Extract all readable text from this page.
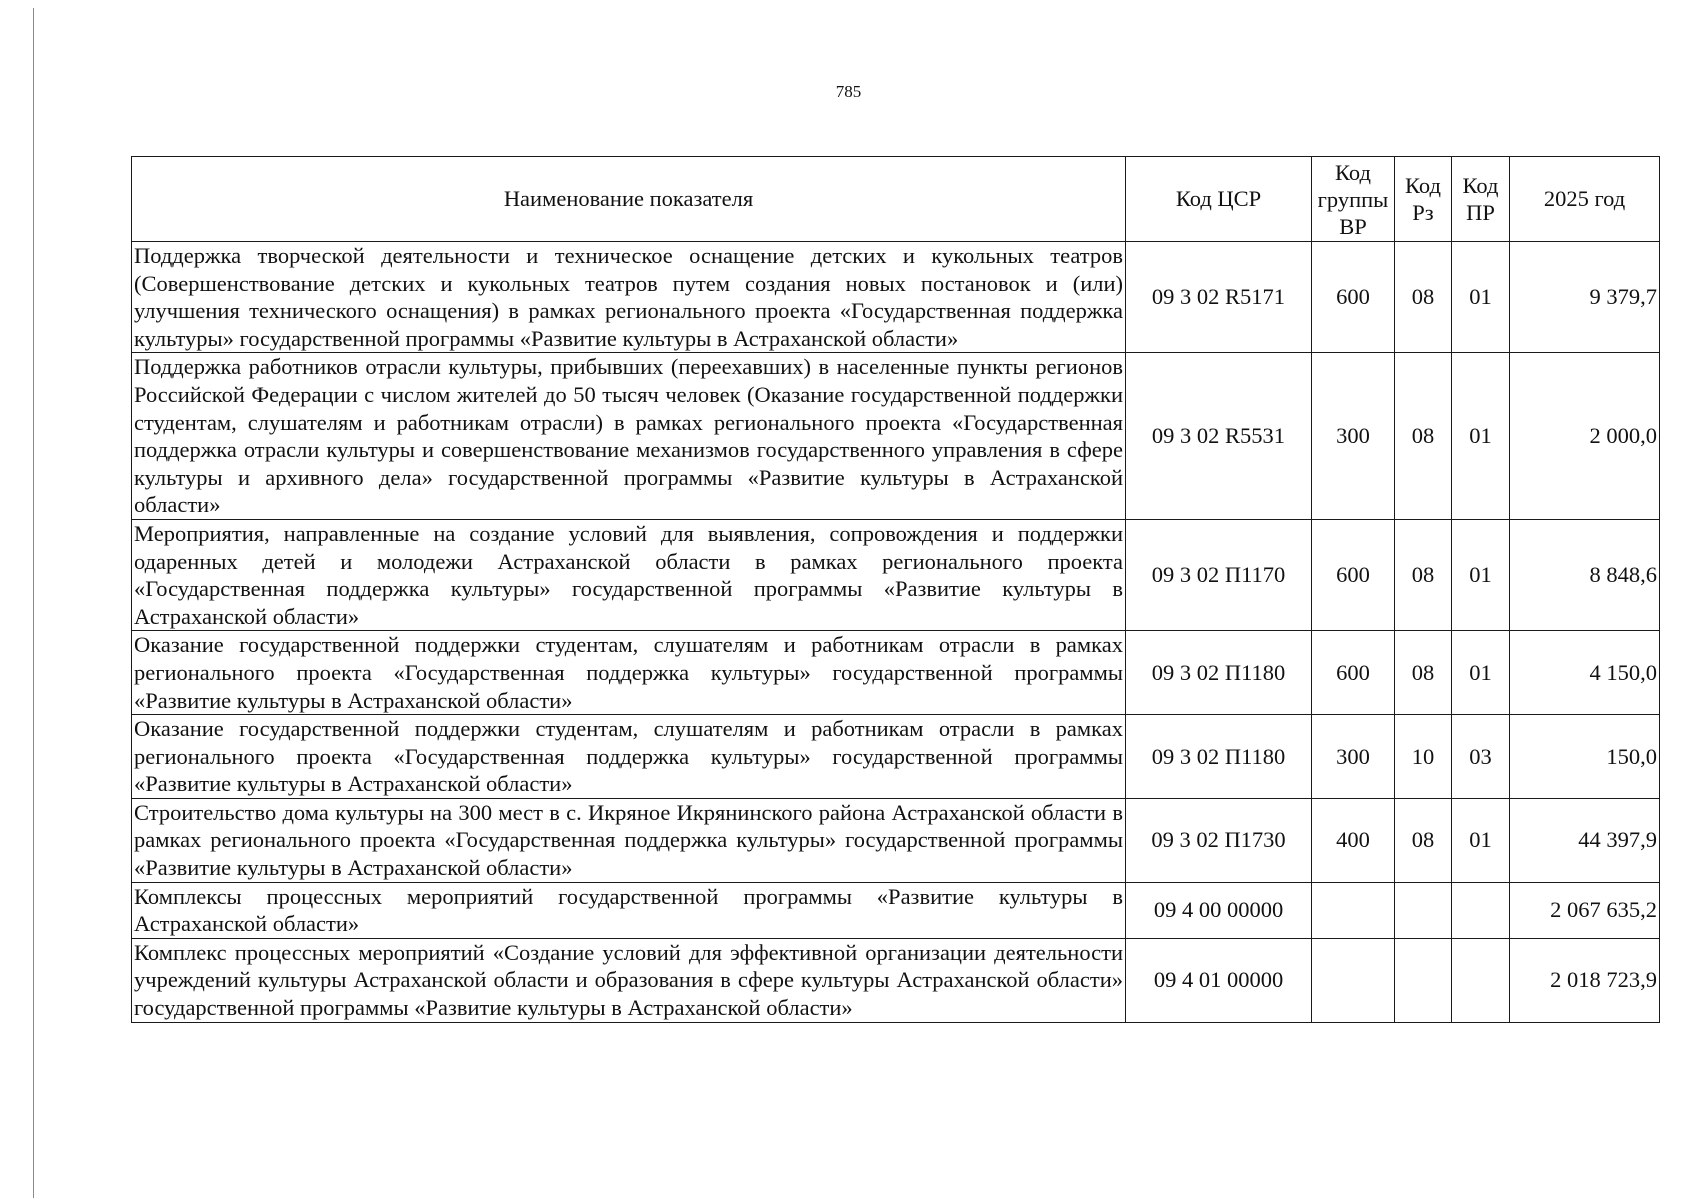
785
Наименование показателя	Код ЦСР	Код группы ВР	Код Рз	Код ПР	2025 год
Поддержка творческой деятельности и техническое оснащение детских и кукольных театров (Совершенствование детских и кукольных театров путем создания новых постановок и (или) улучшения технического оснащения) в рамках регионального проекта «Государственная поддержка культуры» государственной программы «Развитие культуры в Астраханской области»	09 3 02 R5171	600	08	01	9 379,7
Поддержка работников отрасли культуры, прибывших (переехавших) в населенные пункты регионов Российской Федерации с числом жителей до 50 тысяч человек (Оказание государственной поддержки студентам, слушателям и работникам отрасли) в рамках регионального проекта «Государственная поддержка отрасли культуры и совершенствование механизмов государственного управления в сфере культуры и архивного дела» государственной программы «Развитие культуры в Астраханской области»	09 3 02 R5531	300	08	01	2 000,0
Мероприятия, направленные на создание условий для выявления, сопровождения и поддержки одаренных детей и молодежи Астраханской области в рамках регионального проекта «Государственная поддержка культуры» государственной программы «Развитие культуры в Астраханской области»	09 3 02 П1170	600	08	01	8 848,6
Оказание государственной поддержки студентам, слушателям и работникам отрасли в рамках регионального проекта «Государственная поддержка культуры» государственной программы «Развитие культуры в Астраханской области»	09 3 02 П1180	600	08	01	4 150,0
Оказание государственной поддержки студентам, слушателям и работникам отрасли в рамках регионального проекта «Государственная поддержка культуры» государственной программы «Развитие культуры в Астраханской области»	09 3 02 П1180	300	10	03	150,0
Строительство дома культуры на 300 мест в с. Икряное Икрянинского района Астраханской области в рамках регионального проекта «Государственная поддержка культуры» государственной программы «Развитие культуры в Астраханской области»	09 3 02 П1730	400	08	01	44 397,9
Комплексы процессных мероприятий государственной программы «Развитие культуры в Астраханской области»	09 4 00 00000				2 067 635,2
Комплекс процессных мероприятий «Создание условий для эффективной организации деятельности учреждений культуры Астраханской области и образования в сфере культуры Астраханской области» государственной программы «Развитие культуры в Астраханской области»	09 4 01 00000				2 018 723,9
